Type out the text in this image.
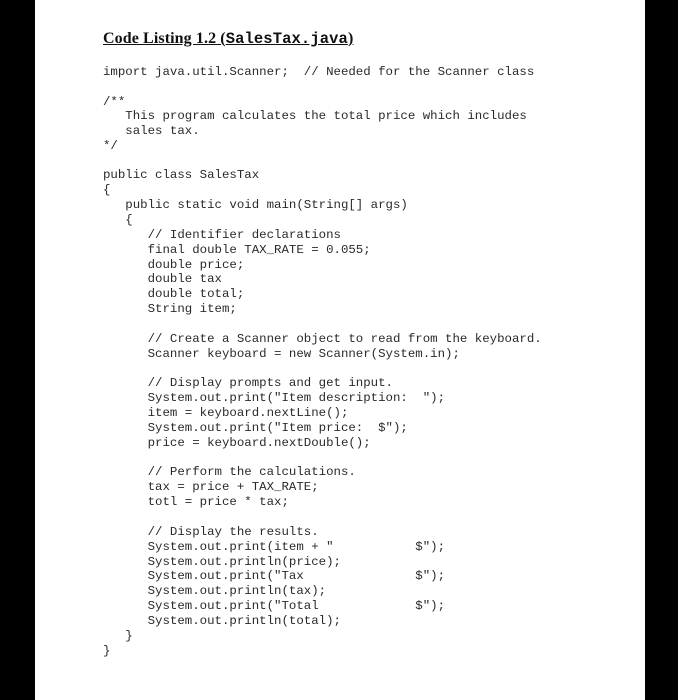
Code Listing 1.2 (SalesTax.java)
import java.util.Scanner;  // Needed for the Scanner class
/**
This program calculates the total price which includes
sales tax.
*/
public class SalesTax
{
public static void main(String[] args)
{
// Identifier declarations
final double TAX_RATE = 0.055;
double price;
double tax
double total;
String item;
// Create a Scanner object to read from the keyboard.
Scanner keyboard = new Scanner(System.in);
// Display prompts and get input.
System.out.print("Item description:  ");
item = keyboard.nextLine();
System.out.print("Item price:  $");
price = keyboard.nextDouble();
// Perform the calculations.
tax = price + TAX_RATE;
totl = price * tax;
// Display the results.
System.out.print(item + "           $");
System.out.println(price);
System.out.print("Tax               $");
System.out.println(tax);
System.out.print("Total             $");
System.out.println(total);
}
}
